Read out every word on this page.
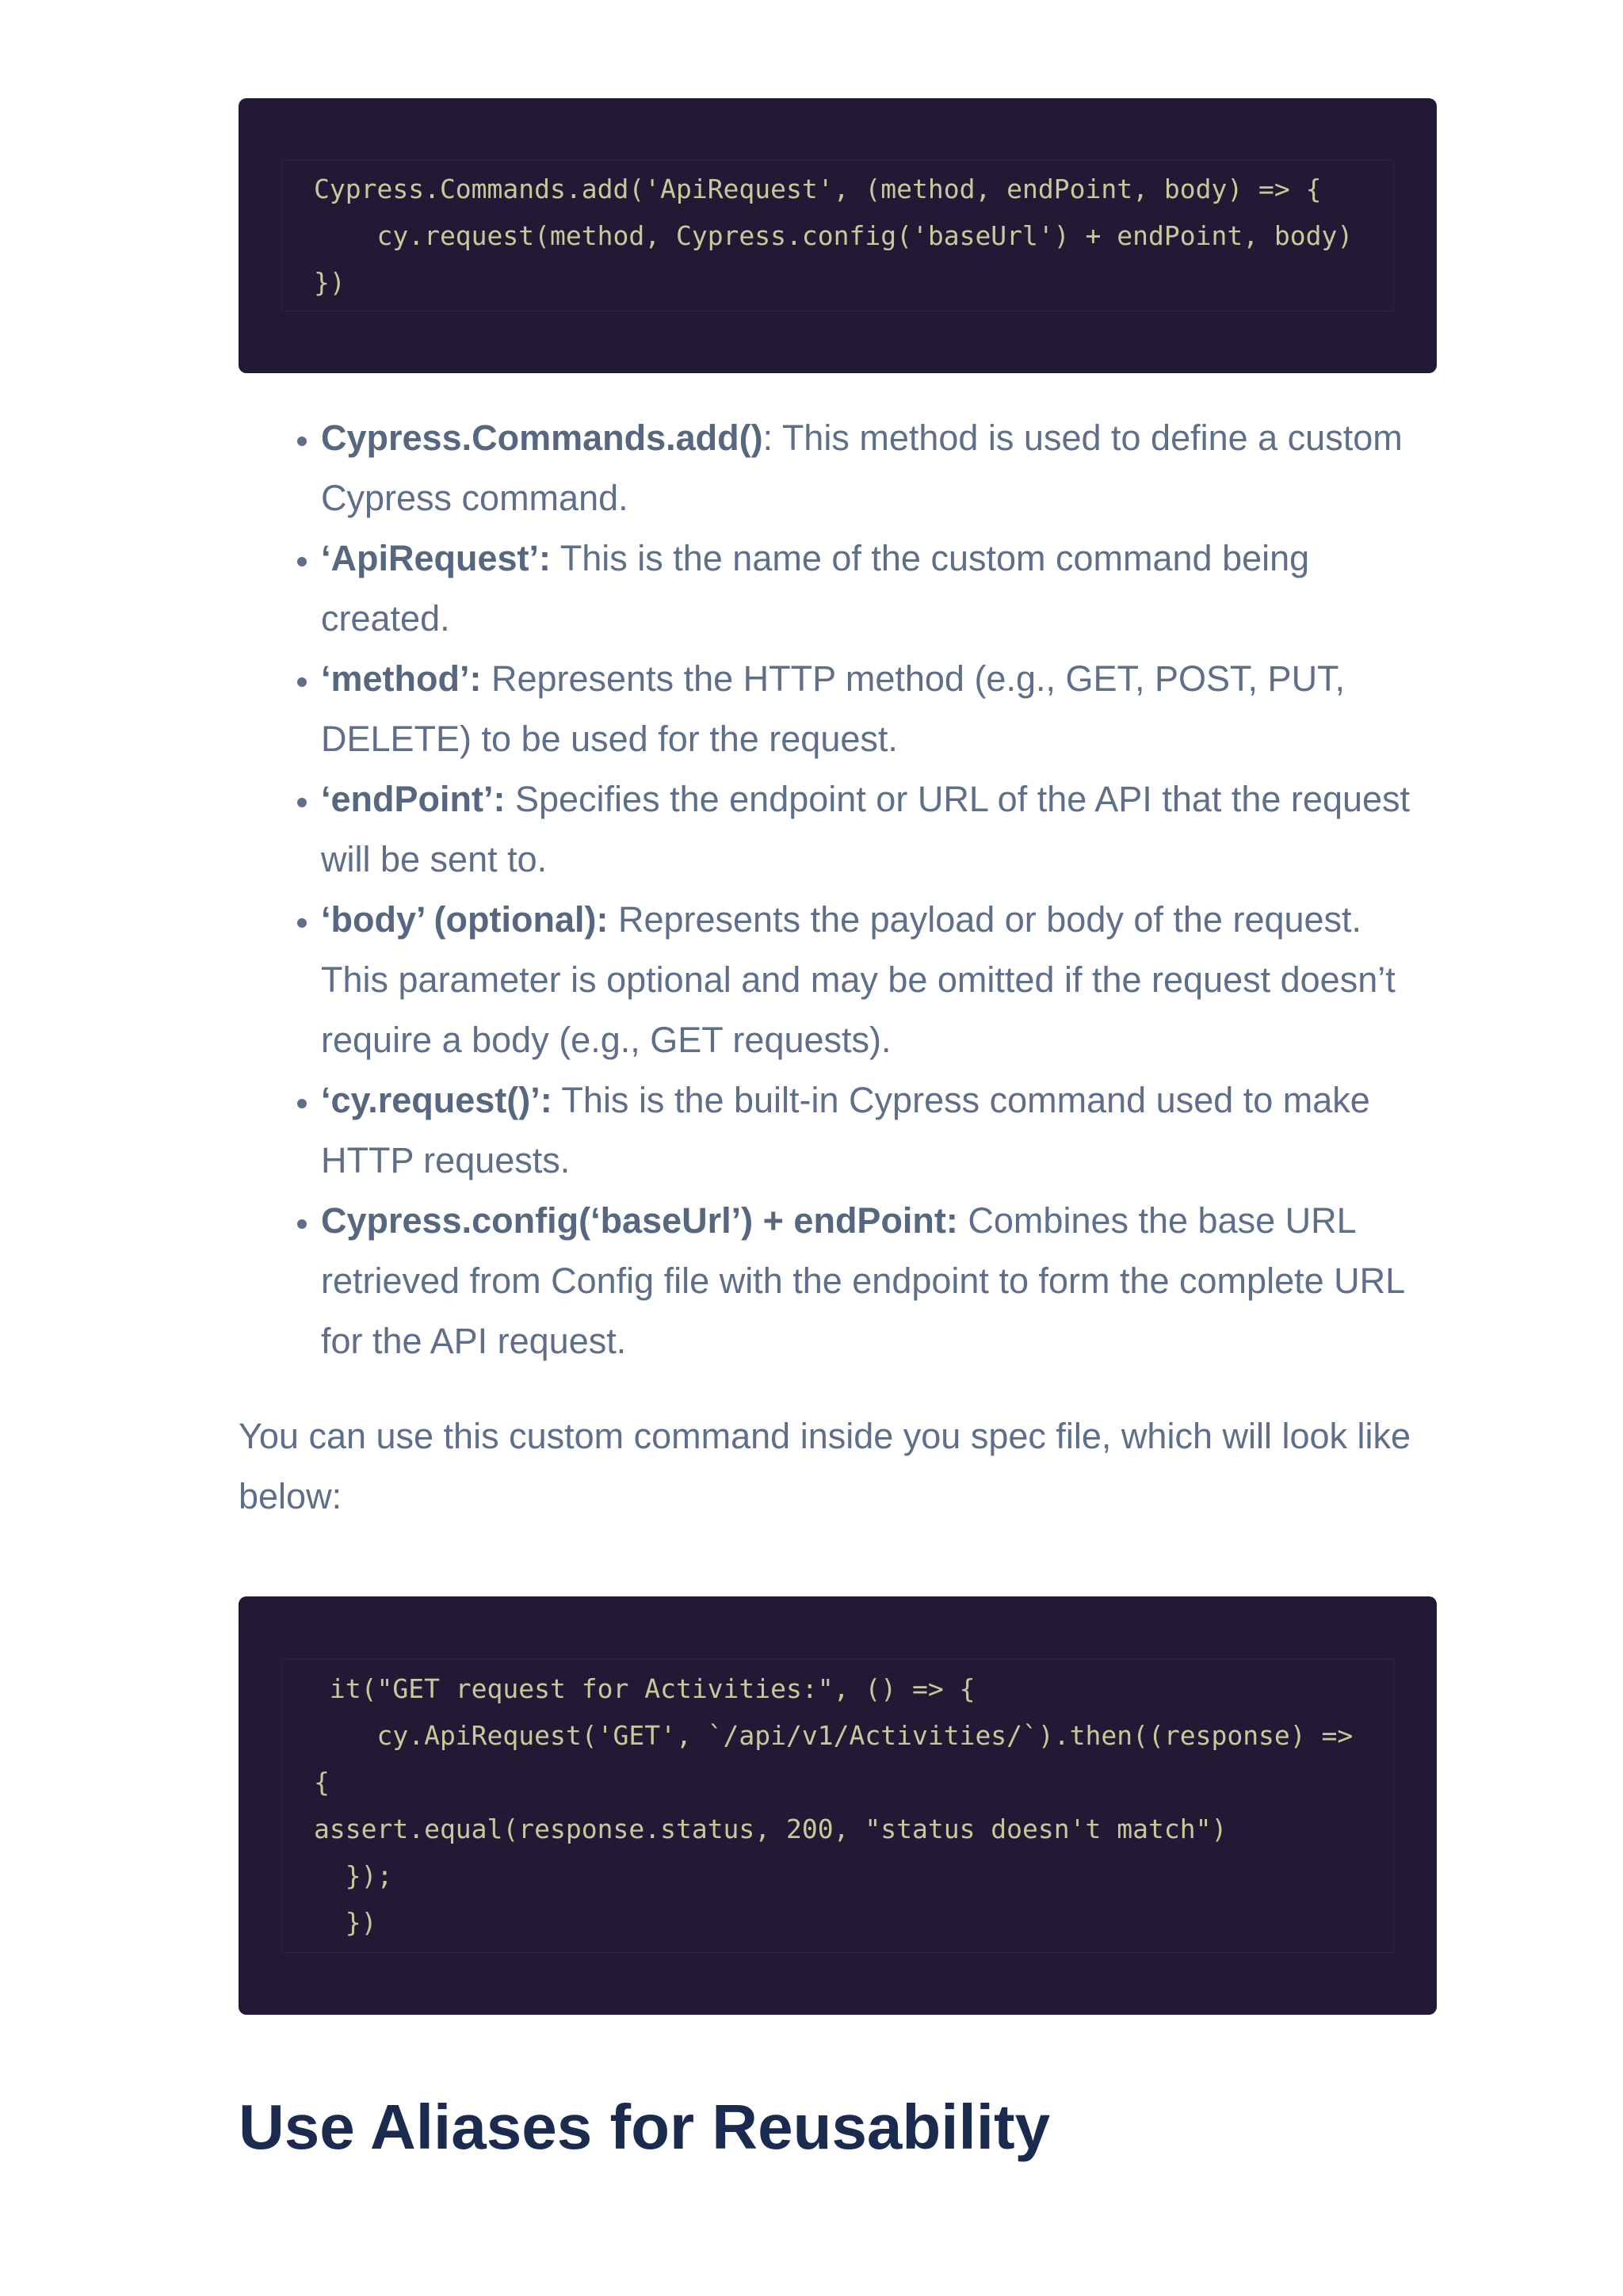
Cypress.Commands.add('ApiRequest', (method, endPoint, body) => {
cy.request(method, Cypress.config('baseUrl') + endPoint, body)
})
• Cypress.Commands.add(): This method is used to define a custom Cypress command.
• ‘ApiRequest’: This is the name of the custom command being created.
• ‘method’: Represents the HTTP method (e.g., GET, POST, PUT, DELETE) to be used for the request.
• ‘endPoint’: Specifies the endpoint or URL of the API that the request will be sent to.
• ‘body’ (optional): Represents the payload or body of the request. This parameter is optional and may be omitted if the request doesn’t require a body (e.g., GET requests).
• ‘cy.request()’: This is the built-in Cypress command used to make HTTP requests.
• Cypress.config(‘baseUrl’) + endPoint: Combines the base URL retrieved from Config file with the endpoint to form the complete URL for the API request.

You can use this custom command inside you spec file, which will look like below:

it("GET request for Activities:", () => {
cy.ApiRequest('GET', `/api/v1/Activities/`).then((response) =>
{
assert.equal(response.status, 200, "status doesn't match")
});
})
Use Aliases for Reusability
